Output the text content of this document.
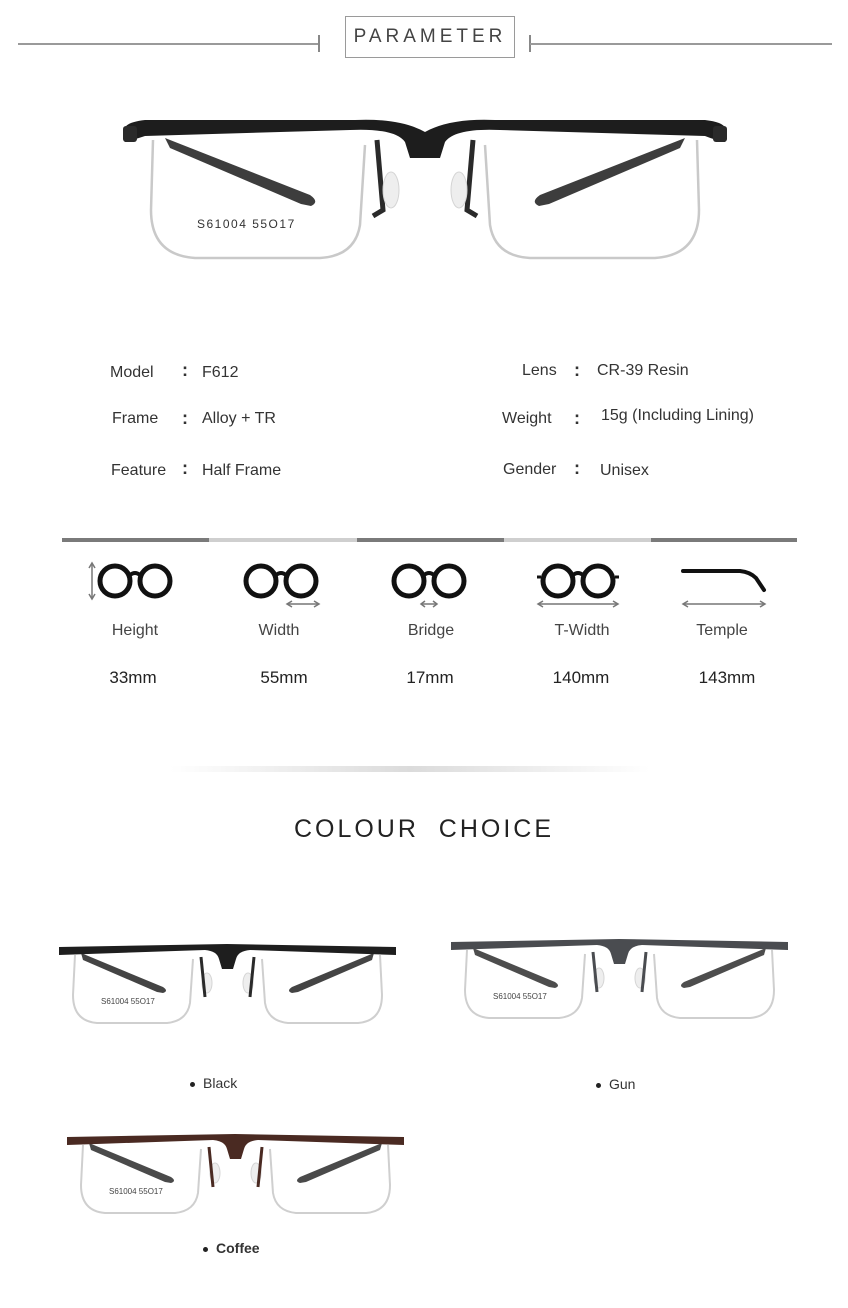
PARAMETER
S61004 55O17
Model : F612
Frame : Alloy + TR
Feature : Half Frame
Lens : CR-39 Resin
Weight : 15g (Including Lining)
Gender : Unisex
Height	Width	Bridge	T-Width	Temple
33mm	55mm	17mm	140mm	143mm
COLOUR  CHOICE
S61004 55O17
Black
S61004 55O17
Gun
S61004 55O17
Coffee
